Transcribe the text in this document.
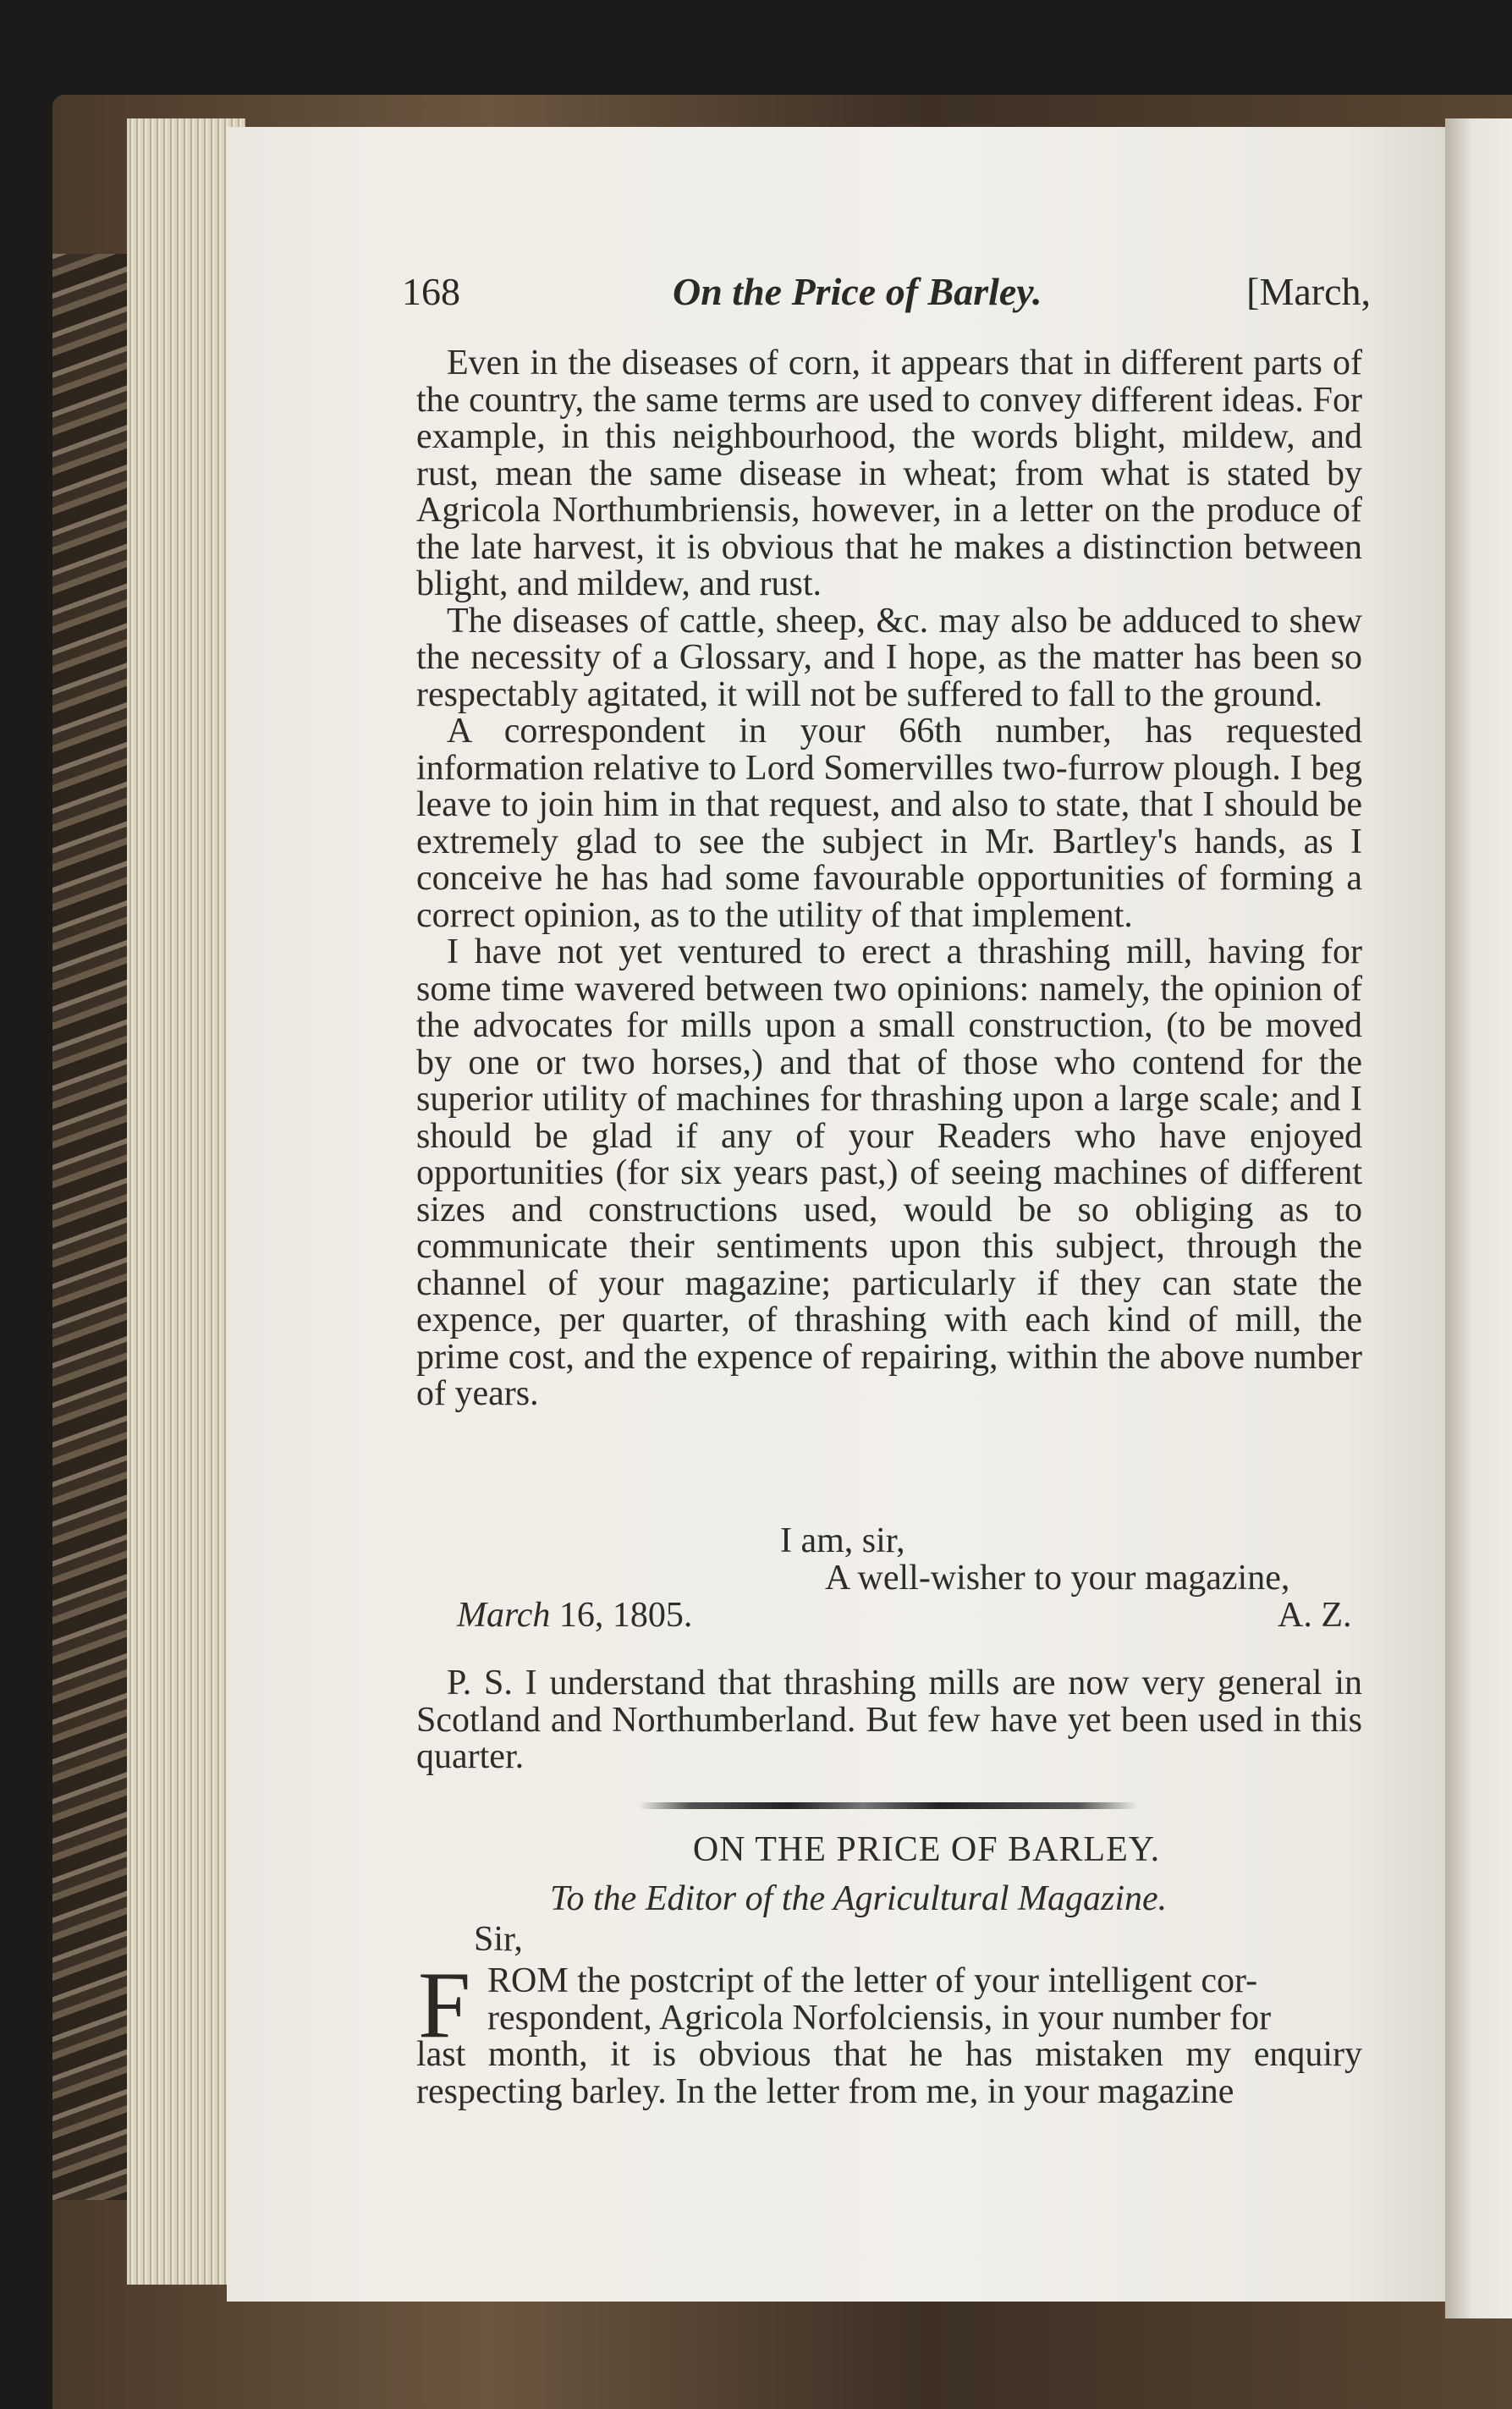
168	On the Price of Barley.	[March,

Even in the diseases of corn, it appears that in different parts of the country, the same terms are used to convey different ideas. For example, in this neighbourhood, the words blight, mildew, and rust, mean the same disease in wheat; from what is stated by Agricola Northumbriensis, however, in a letter on the produce of the late harvest, it is obvious that he makes a distinction between blight, and mildew, and rust.

The diseases of cattle, sheep, &c. may also be adduced to shew the necessity of a Glossary, and I hope, as the matter has been so respectably agitated, it will not be suffered to fall to the ground.

A correspondent in your 66th number, has requested information relative to Lord Somervilles two-furrow plough. I beg leave to join him in that request, and also to state, that I should be extremely glad to see the subject in Mr. Bartley's hands, as I conceive he has had some favourable opportunities of forming a correct opinion, as to the utility of that implement.

I have not yet ventured to erect a thrashing mill, having for some time wavered between two opinions: namely, the opinion of the advocates for mills upon a small construction, (to be moved by one or two horses,) and that of those who contend for the superior utility of machines for thrashing upon a large scale; and I should be glad if any of your Readers who have enjoyed opportunities (for six years past,) of seeing machines of different sizes and constructions used, would be so obliging as to communicate their sentiments upon this subject, through the channel of your magazine; particularly if they can state the expence, per quarter, of thrashing with each kind of mill, the prime cost, and the expence of repairing, within the above number of years.

I am, sir,
A well-wisher to your magazine,
March 16, 1805.	A. Z.
P. S. I understand that thrashing mills are now very general in Scotland and Northumberland. But few have yet been used in this quarter.
ON THE PRICE OF BARLEY.
To the Editor of the Agricultural Magazine.
Sir,
F ROM the postcript of the letter of your intelligent cor-
respondent, Agricola Norfolciensis, in your number for
last month, it is obvious that he has mistaken my enquiry respecting barley. In the letter from me, in your magazine
